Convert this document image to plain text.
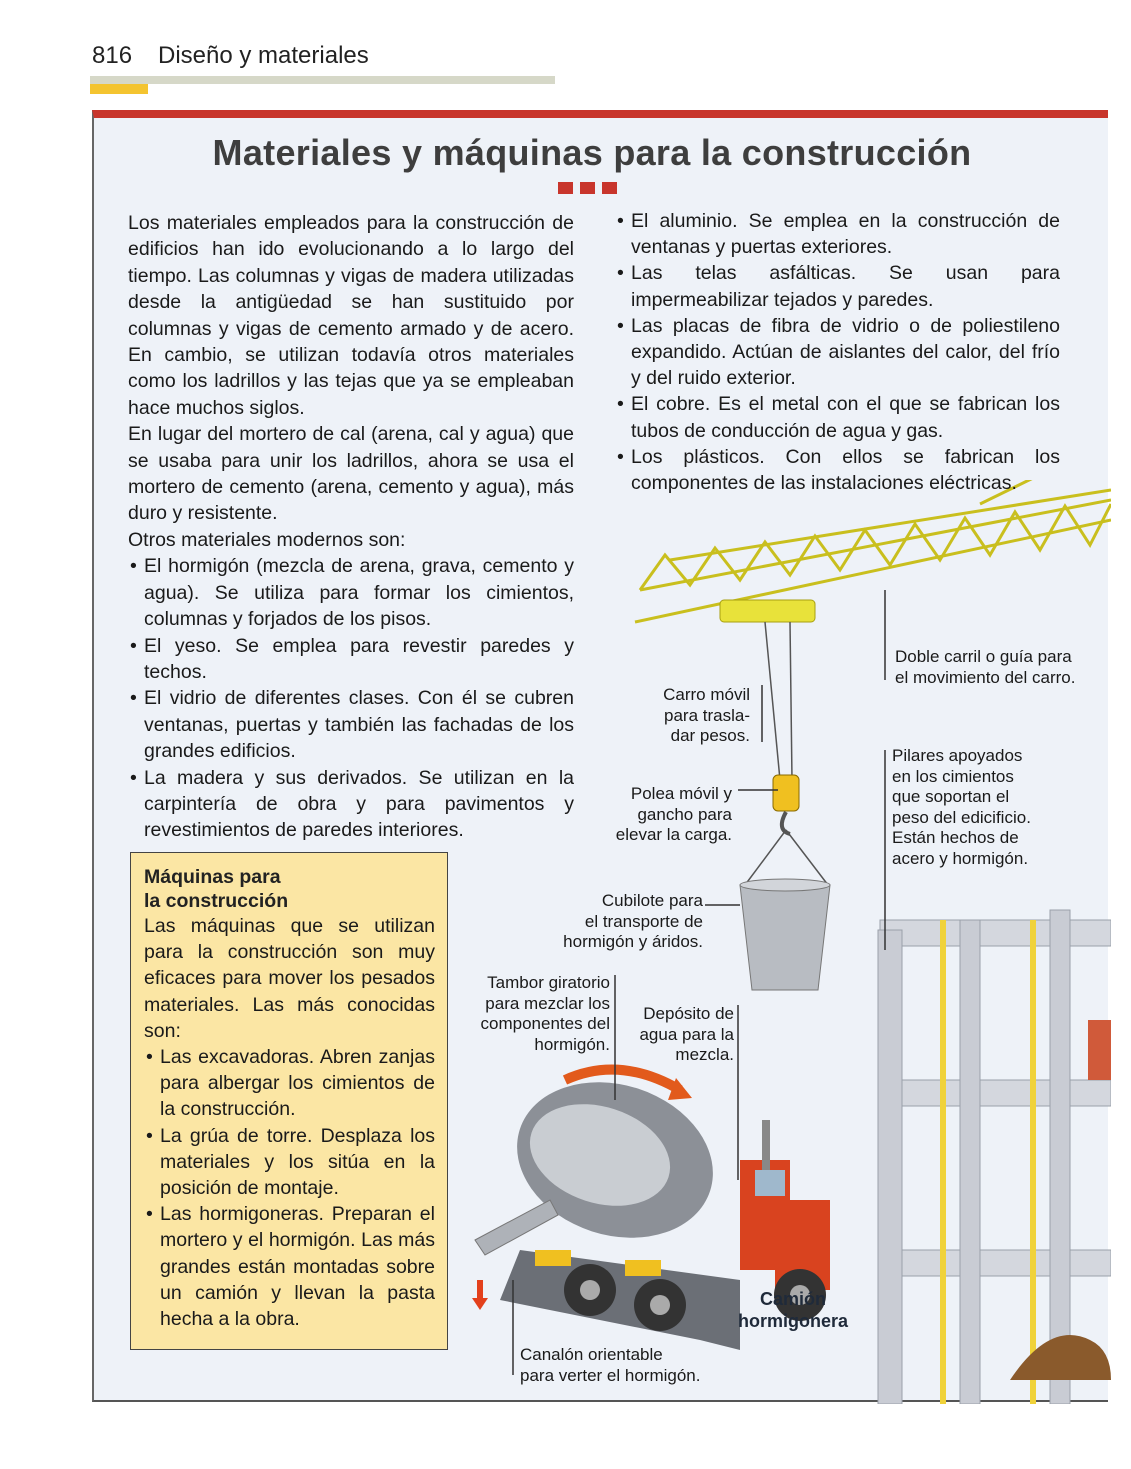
816 Diseño y materiales
Materiales y máquinas para la construcción

Los materiales empleados para la construcción de edificios han ido evolucionando a lo largo del tiempo. Las columnas y vigas de madera utilizadas desde la antigüedad se han sustituido por columnas y vigas de cemento armado y de acero. En cambio, se utilizan todavía otros materiales como los ladrillos y las tejas que ya se empleaban hace muchos siglos.

En lugar del mortero de cal (arena, cal y agua) que se usaba para unir los ladrillos, ahora se usa el mortero de cemento (arena, cemento y agua), más duro y resistente.

Otros materiales modernos son:

• El hormigón (mezcla de arena, grava, cemento y agua). Se utiliza para formar los cimientos, columnas y forjados de los pisos.
• El yeso. Se emplea para revestir paredes y techos.
• El vidrio de diferentes clases. Con él se cubren ventanas, puertas y también las fachadas de los grandes edificios.
• La madera y sus derivados. Se utilizan en la carpintería de obra y para pavimentos y revestimientos de paredes interiores.
• El aluminio. Se emplea en la construcción de ventanas y puertas exteriores.
• Las telas asfálticas. Se usan para impermeabilizar tejados y paredes.
• Las placas de fibra de vidrio o de poliestileno expandido. Actúan de aislantes del calor, del frío y del ruido exterior.
• El cobre. Es el metal con el que se fabrican los tubos de conducción de agua y gas.
• Los plásticos. Con ellos se fabrican los componentes de las instalaciones eléctricas.
Máquinas para
la construcción

Las máquinas que se utilizan para la construcción son muy eficaces para mover los pesados materiales. Las más conocidas son:

• Las excavadoras. Abren zanjas para albergar los cimientos de la construcción.
• La grúa de torre. Desplaza los materiales y los sitúa en la posición de montaje.
• Las hormigoneras. Preparan el mortero y el hormigón. Las más grandes están montadas sobre un camión y llevan la pasta hecha a la obra.
Doble carril o guía para
el movimiento del carro.
Carro móvil
para trasla-
dar pesos.
Pilares apoyados
en los cimientos
que soportan el
peso del edicificio.
Están hechos de
acero y hormigón.
Polea móvil y
gancho para
elevar la carga.
Cubilote para
el transporte de
hormigón y áridos.
Tambor giratorio
para mezclar los
componentes del
hormigón.
Depósito de
agua para la
mezcla.
Camión
hormigonera
Canalón orientable
para verter el hormigón.
